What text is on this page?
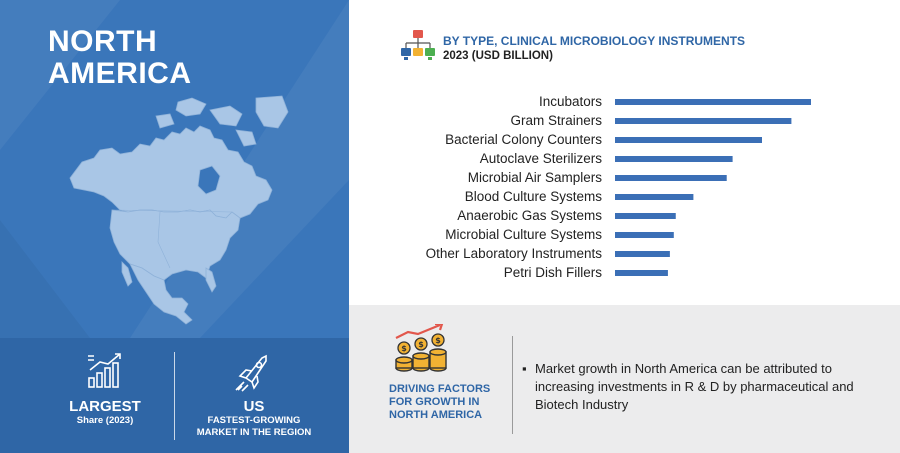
NORTH
AMERICA
LARGEST
Share (2023)
US
FASTEST-GROWING
MARKET IN THE REGION
BY TYPE, CLINICAL MICROBIOLOGY INSTRUMENTS
2023 (USD BILLION)
Incubators
Gram Strainers
Bacterial Colony Counters
Autoclave Sterilizers
Microbial Air Samplers
Blood Culture Systems
Anaerobic Gas Systems
Microbial Culture Systems
Other Laboratory Instruments
Petri Dish Fillers
$ $ $
DRIVING FACTORS
FOR GROWTH IN
NORTH AMERICA
▪ Market growth in North America can be attributed to increasing investments in R & D by pharmaceutical and Biotech Industry
